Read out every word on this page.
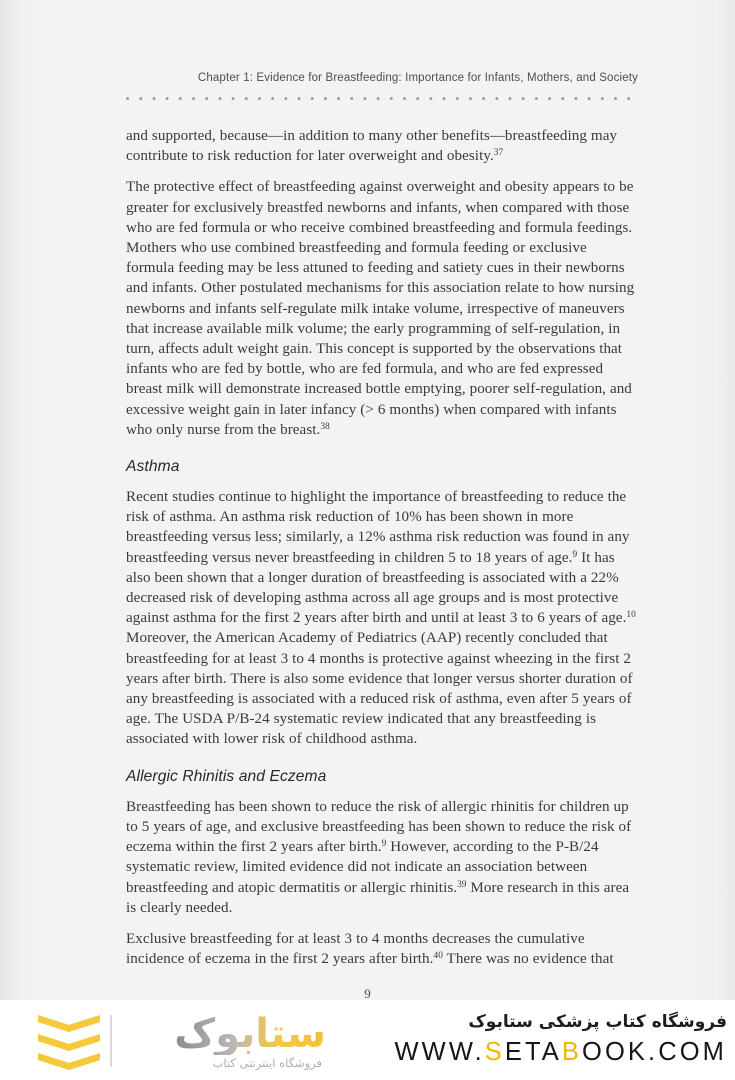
Chapter 1: Evidence for Breastfeeding: Importance for Infants, Mothers, and Society

and supported, because—in addition to many other benefits—breastfeeding may contribute to risk reduction for later overweight and obesity.$^{37}$

The protective effect of breastfeeding against overweight and obesity appears to be greater for exclusively breastfed newborns and infants, when compared with those who are fed formula or who receive combined breastfeeding and formula feedings. Mothers who use combined breastfeeding and formula feeding or exclusive formula feeding may be less attuned to feeding and satiety cues in their newborns and infants. Other postulated mechanisms for this association relate to how nursing newborns and infants self-regulate milk intake volume, irrespective of maneuvers that increase available milk volume; the early programming of self-regulation, in turn, affects adult weight gain. This concept is supported by the observations that infants who are fed by bottle, who are fed formula, and who are fed expressed breast milk will demonstrate increased bottle emptying, poorer self-regulation, and excessive weight gain in later infancy (> 6 months) when compared with infants who only nurse from the breast.$^{38}$

Asthma

Recent studies continue to highlight the importance of breastfeeding to reduce the risk of asthma. An asthma risk reduction of 10% has been shown in more breastfeeding versus less; similarly, a 12% asthma risk reduction was found in any breastfeeding versus never breastfeeding in children 5 to 18 years of age.$^9$ It has also been shown that a longer duration of breastfeeding is associated with a 22% decreased risk of developing asthma across all age groups and is most protective against asthma for the first 2 years after birth and until at least 3 to 6 years of age.$^{10}$ Moreover, the American Academy of Pediatrics (AAP) recently concluded that breastfeeding for at least 3 to 4 months is protective against wheezing in the first 2 years after birth. There is also some evidence that longer versus shorter duration of any breastfeeding is associated with a reduced risk of asthma, even after 5 years of age. The USDA P/B-24 systematic review indicated that any breastfeeding is associated with lower risk of childhood asthma.

Allergic Rhinitis and Eczema

Breastfeeding has been shown to reduce the risk of allergic rhinitis for children up to 5 years of age, and exclusive breastfeeding has been shown to reduce the risk of eczema within the first 2 years after birth.$^9$ However, according to the P-B/24 systematic review, limited evidence did not indicate an association between breastfeeding and atopic dermatitis or allergic rhinitis.$^{39}$ More research in this area is clearly needed.

Exclusive breastfeeding for at least 3 to 4 months decreases the cumulative incidence of eczema in the first 2 years after birth.$^{40}$ There was no evidence that

9
ستابوک
فروشگاه اینترنتی کتاب
فروشگاه کتاب پزشکی ستابوک
WWW.SETABOOK.COM
